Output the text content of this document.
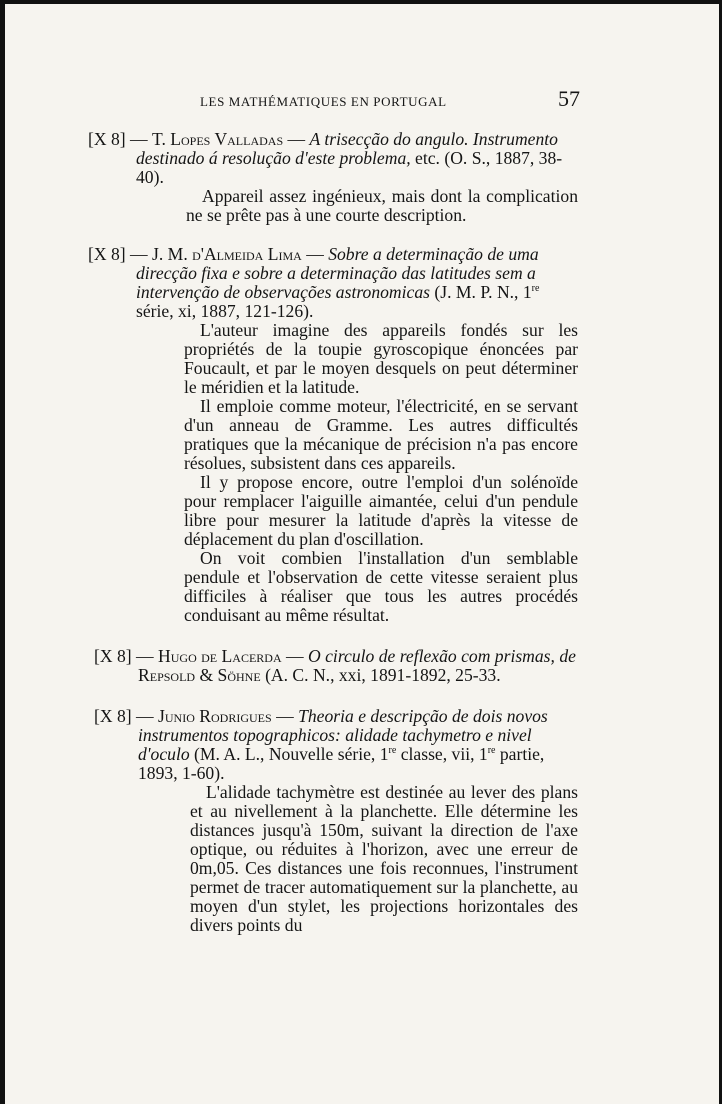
LES MATHÉMATIQUES EN PORTUGAL	57

[X 8] — T. Lopes Valladas — A trisecção do angulo. Instrumento destinado á resolução d'este problema, etc. (O. S., 1887, 38-40).

Appareil assez ingénieux, mais dont la complication ne se prête pas à une courte description.

[X 8] — J. M. d'Almeida Lima — Sobre a determinação de uma direcção fixa e sobre a determinação das latitudes sem a intervenção de observações astronomicas (J. M. P. N., 1re série, xi, 1887, 121-126).

L'auteur imagine des appareils fondés sur les propriétés de la toupie gyroscopique énoncées par Foucault, et par le moyen desquels on peut déterminer le méridien et la latitude.

Il emploie comme moteur, l'électricité, en se servant d'un anneau de Gramme. Les autres difficultés pratiques que la mécanique de précision n'a pas encore résolues, subsistent dans ces appareils.

Il y propose encore, outre l'emploi d'un solénoïde pour remplacer l'aiguille aimantée, celui d'un pendule libre pour mesurer la latitude d'après la vitesse de déplacement du plan d'oscillation.

On voit combien l'installation d'un semblable pendule et l'observation de cette vitesse seraient plus difficiles à réaliser que tous les autres procédés conduisant au même résultat.

[X 8] — Hugo de Lacerda — O circulo de reflexão com prismas, de Repsold & Söhne (A. C. N., xxi, 1891-1892, 25-33.

[X 8] — Junio Rodrigues — Theoria e descripção de dois novos instrumentos topographicos: alidade tachymetro e nivel d'oculo (M. A. L., Nouvelle série, 1re classe, vii, 1re partie, 1893, 1-60).

L'alidade tachymètre est destinée au lever des plans et au nivellement à la planchette. Elle détermine les distances jusqu'à 150m, suivant la direction de l'axe optique, ou réduites à l'horizon, avec une erreur de 0m,05. Ces distances une fois reconnues, l'instrument permet de tracer automatiquement sur la planchette, au moyen d'un stylet, les projections horizontales des divers points du
